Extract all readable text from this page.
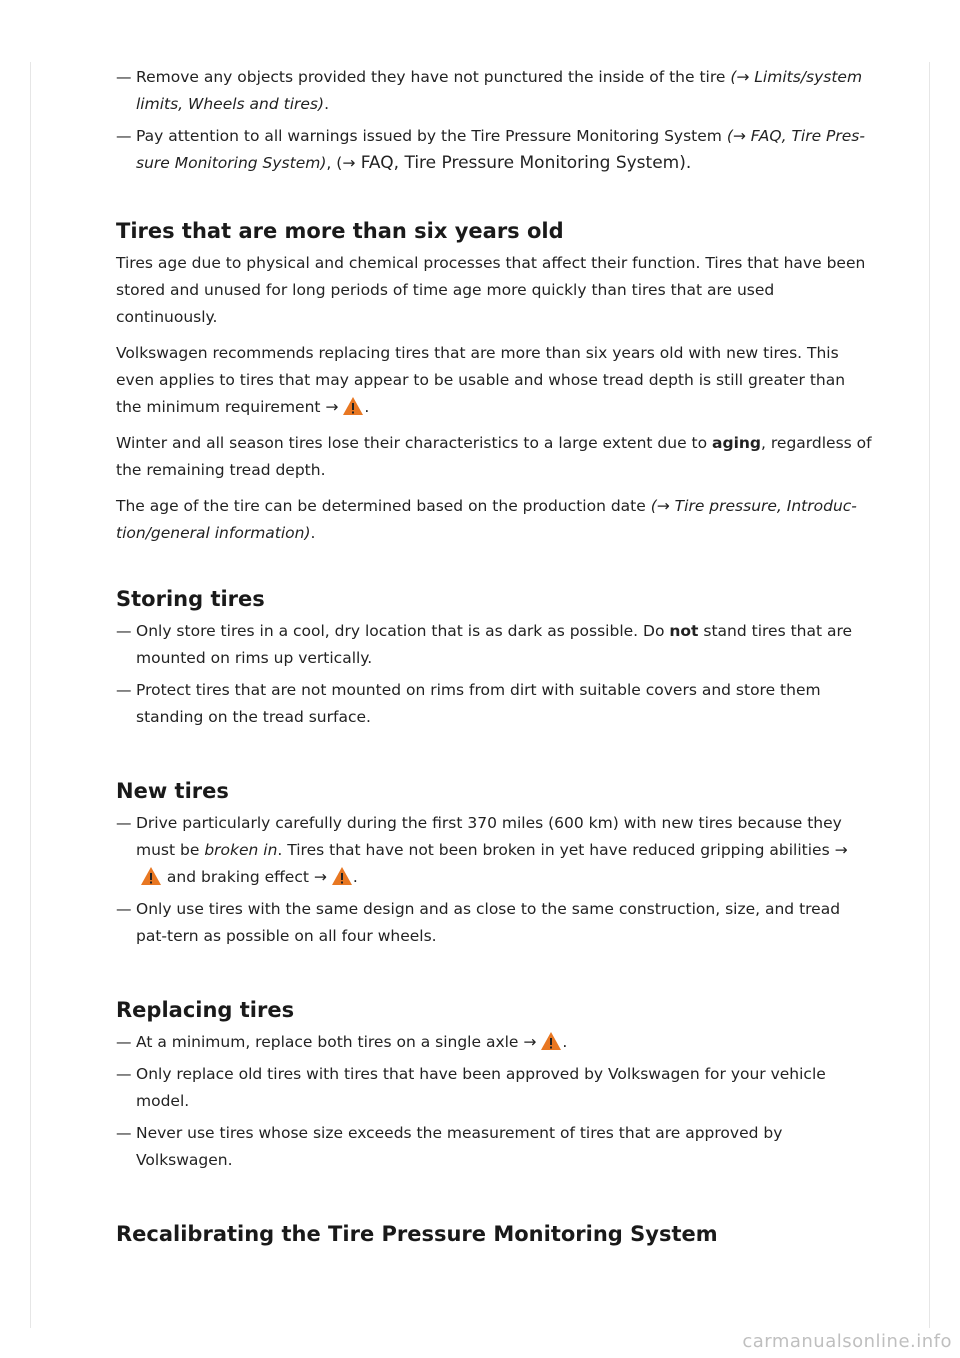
— Remove any objects provided they have not punctured the inside of the tire (→ Limits/system limits, Wheels and tires).
— Pay attention to all warnings issued by the Tire Pressure Monitoring System (→ FAQ, Tire Pres-sure Monitoring System), (→ FAQ, Tire Pressure Monitoring System).
Tires that are more than six years old

Tires age due to physical and chemical processes that affect their function. Tires that have been stored and unused for long periods of time age more quickly than tires that are used continuously.

Volkswagen recommends replacing tires that are more than six years old with new tires. This even applies to tires that may appear to be usable and whose tread depth is still greater than the minimum requirement → .

Winter and all season tires lose their characteristics to a large extent due to aging, regardless of the remaining tread depth.

The age of the tire can be determined based on the production date (→ Tire pressure, Introduc-tion/general information).

Storing tires
— Only store tires in a cool, dry location that is as dark as possible. Do not stand tires that are mounted on rims up vertically.
— Protect tires that are not mounted on rims from dirt with suitable covers and store them standing on the tread surface.
New tires
— Drive particularly carefully during the first 370 miles (600 km) with new tires because they must be broken in. Tires that have not been broken in yet have reduced gripping abilities → and braking effect → .
— Only use tires with the same design and as close to the same construction, size, and tread pat-tern as possible on all four wheels.
Replacing tires
— At a minimum, replace both tires on a single axle → .
— Only replace old tires with tires that have been approved by Volkswagen for your vehicle model.
— Never use tires whose size exceeds the measurement of tires that are approved by Volkswagen.
Recalibrating the Tire Pressure Monitoring System
carmanualsonline.info
